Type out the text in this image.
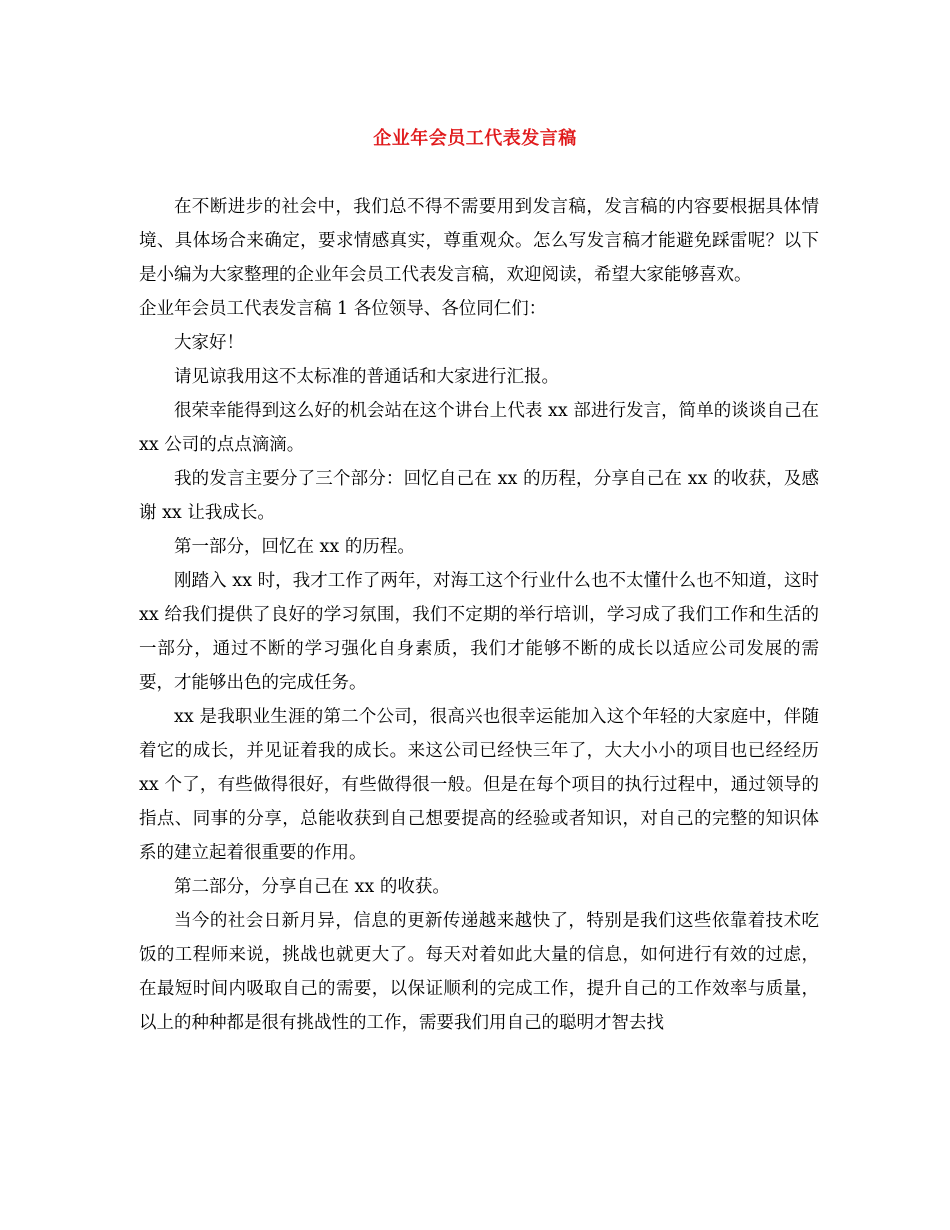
企业年会员工代表发言稿

在不断进步的社会中，我们总不得不需要用到发言稿，发言稿的内容要根据具体情境、具体场合来确定，要求情感真实，尊重观众。怎么写发言稿才能避免踩雷呢？以下是小编为大家整理的企业年会员工代表发言稿，欢迎阅读，希望大家能够喜欢。

企业年会员工代表发言稿 1 各位领导、各位同仁们：

大家好！

请见谅我用这不太标准的普通话和大家进行汇报。

很荣幸能得到这么好的机会站在这个讲台上代表 xx 部进行发言，简单的谈谈自己在 xx 公司的点点滴滴。

我的发言主要分了三个部分：回忆自己在 xx 的历程，分享自己在 xx 的收获，及感谢 xx 让我成长。

第一部分，回忆在 xx 的历程。

刚踏入 xx 时，我才工作了两年，对海工这个行业什么也不太懂什么也不知道，这时 xx 给我们提供了良好的学习氛围，我们不定期的举行培训，学习成了我们工作和生活的一部分，通过不断的学习强化自身素质，我们才能够不断的成长以适应公司发展的需要，才能够出色的完成任务。

xx 是我职业生涯的第二个公司，很高兴也很幸运能加入这个年轻的大家庭中，伴随着它的成长，并见证着我的成长。来这公司已经快三年了，大大小小的项目也已经经历 xx 个了，有些做得很好，有些做得很一般。但是在每个项目的执行过程中，通过领导的指点、同事的分享，总能收获到自己想要提高的经验或者知识，对自己的完整的知识体系的建立起着很重要的作用。

第二部分，分享自己在 xx 的收获。

当今的社会日新月异，信息的更新传递越来越快了，特别是我们这些依靠着技术吃饭的工程师来说，挑战也就更大了。每天对着如此大量的信息，如何进行有效的过虑，在最短时间内吸取自己的需要，以保证顺利的完成工作，提升自己的工作效率与质量，以上的种种都是很有挑战性的工作，需要我们用自己的聪明才智去找
